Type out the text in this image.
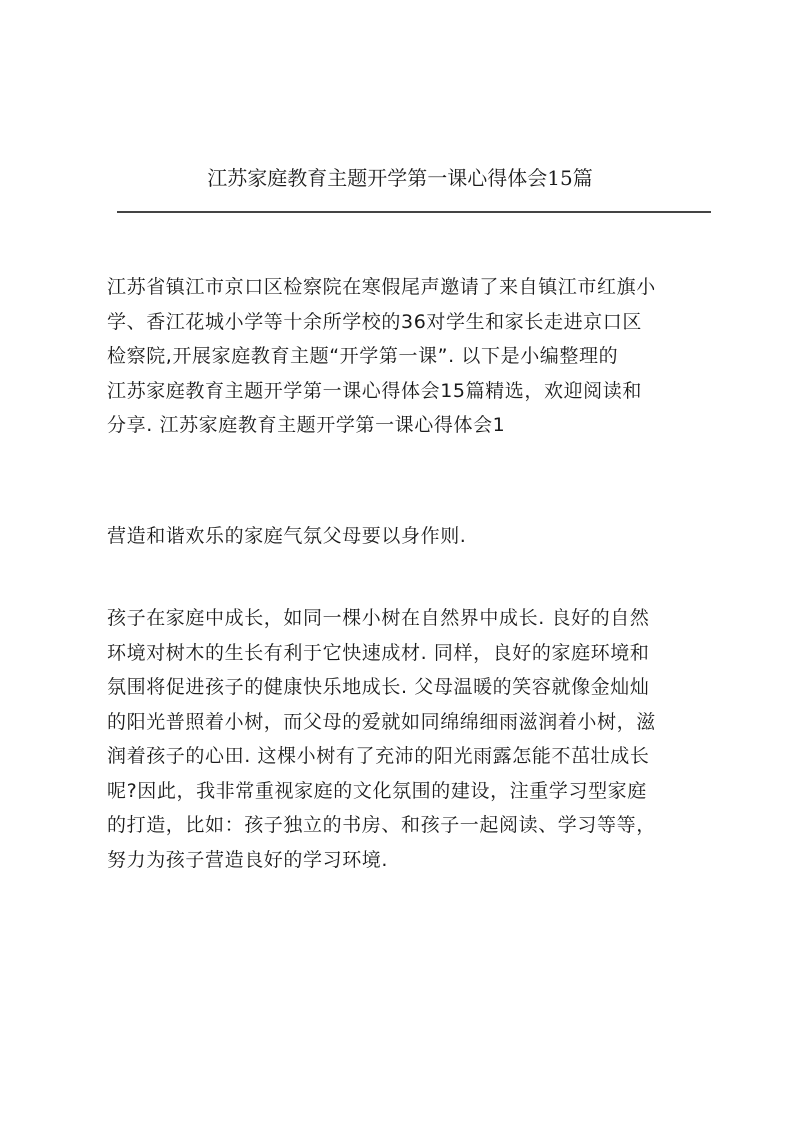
江苏家庭教育主题开学第一课心得体会15篇

江苏省镇江市京口区检察院在寒假尾声邀请了来自镇江市红旗小
学、香江花城小学等十余所学校的36对学生和家长走进京口区
检察院,开展家庭教育主题“开学第一课”. 以下是小编整理的
江苏家庭教育主题开学第一课心得体会15篇精选，欢迎阅读和
分享. 江苏家庭教育主题开学第一课心得体会1

营造和谐欢乐的家庭气氛父母要以身作则.

孩子在家庭中成长，如同一棵小树在自然界中成长. 良好的自然
环境对树木的生长有利于它快速成材. 同样，良好的家庭环境和
氛围将促进孩子的健康快乐地成长. 父母温暖的笑容就像金灿灿
的阳光普照着小树，而父母的爱就如同绵绵细雨滋润着小树，滋
润着孩子的心田. 这棵小树有了充沛的阳光雨露怎能不茁壮成长
呢?因此，我非常重视家庭的文化氛围的建设，注重学习型家庭
的打造，比如：孩子独立的书房、和孩子一起阅读、学习等等，
努力为孩子营造良好的学习环境.
